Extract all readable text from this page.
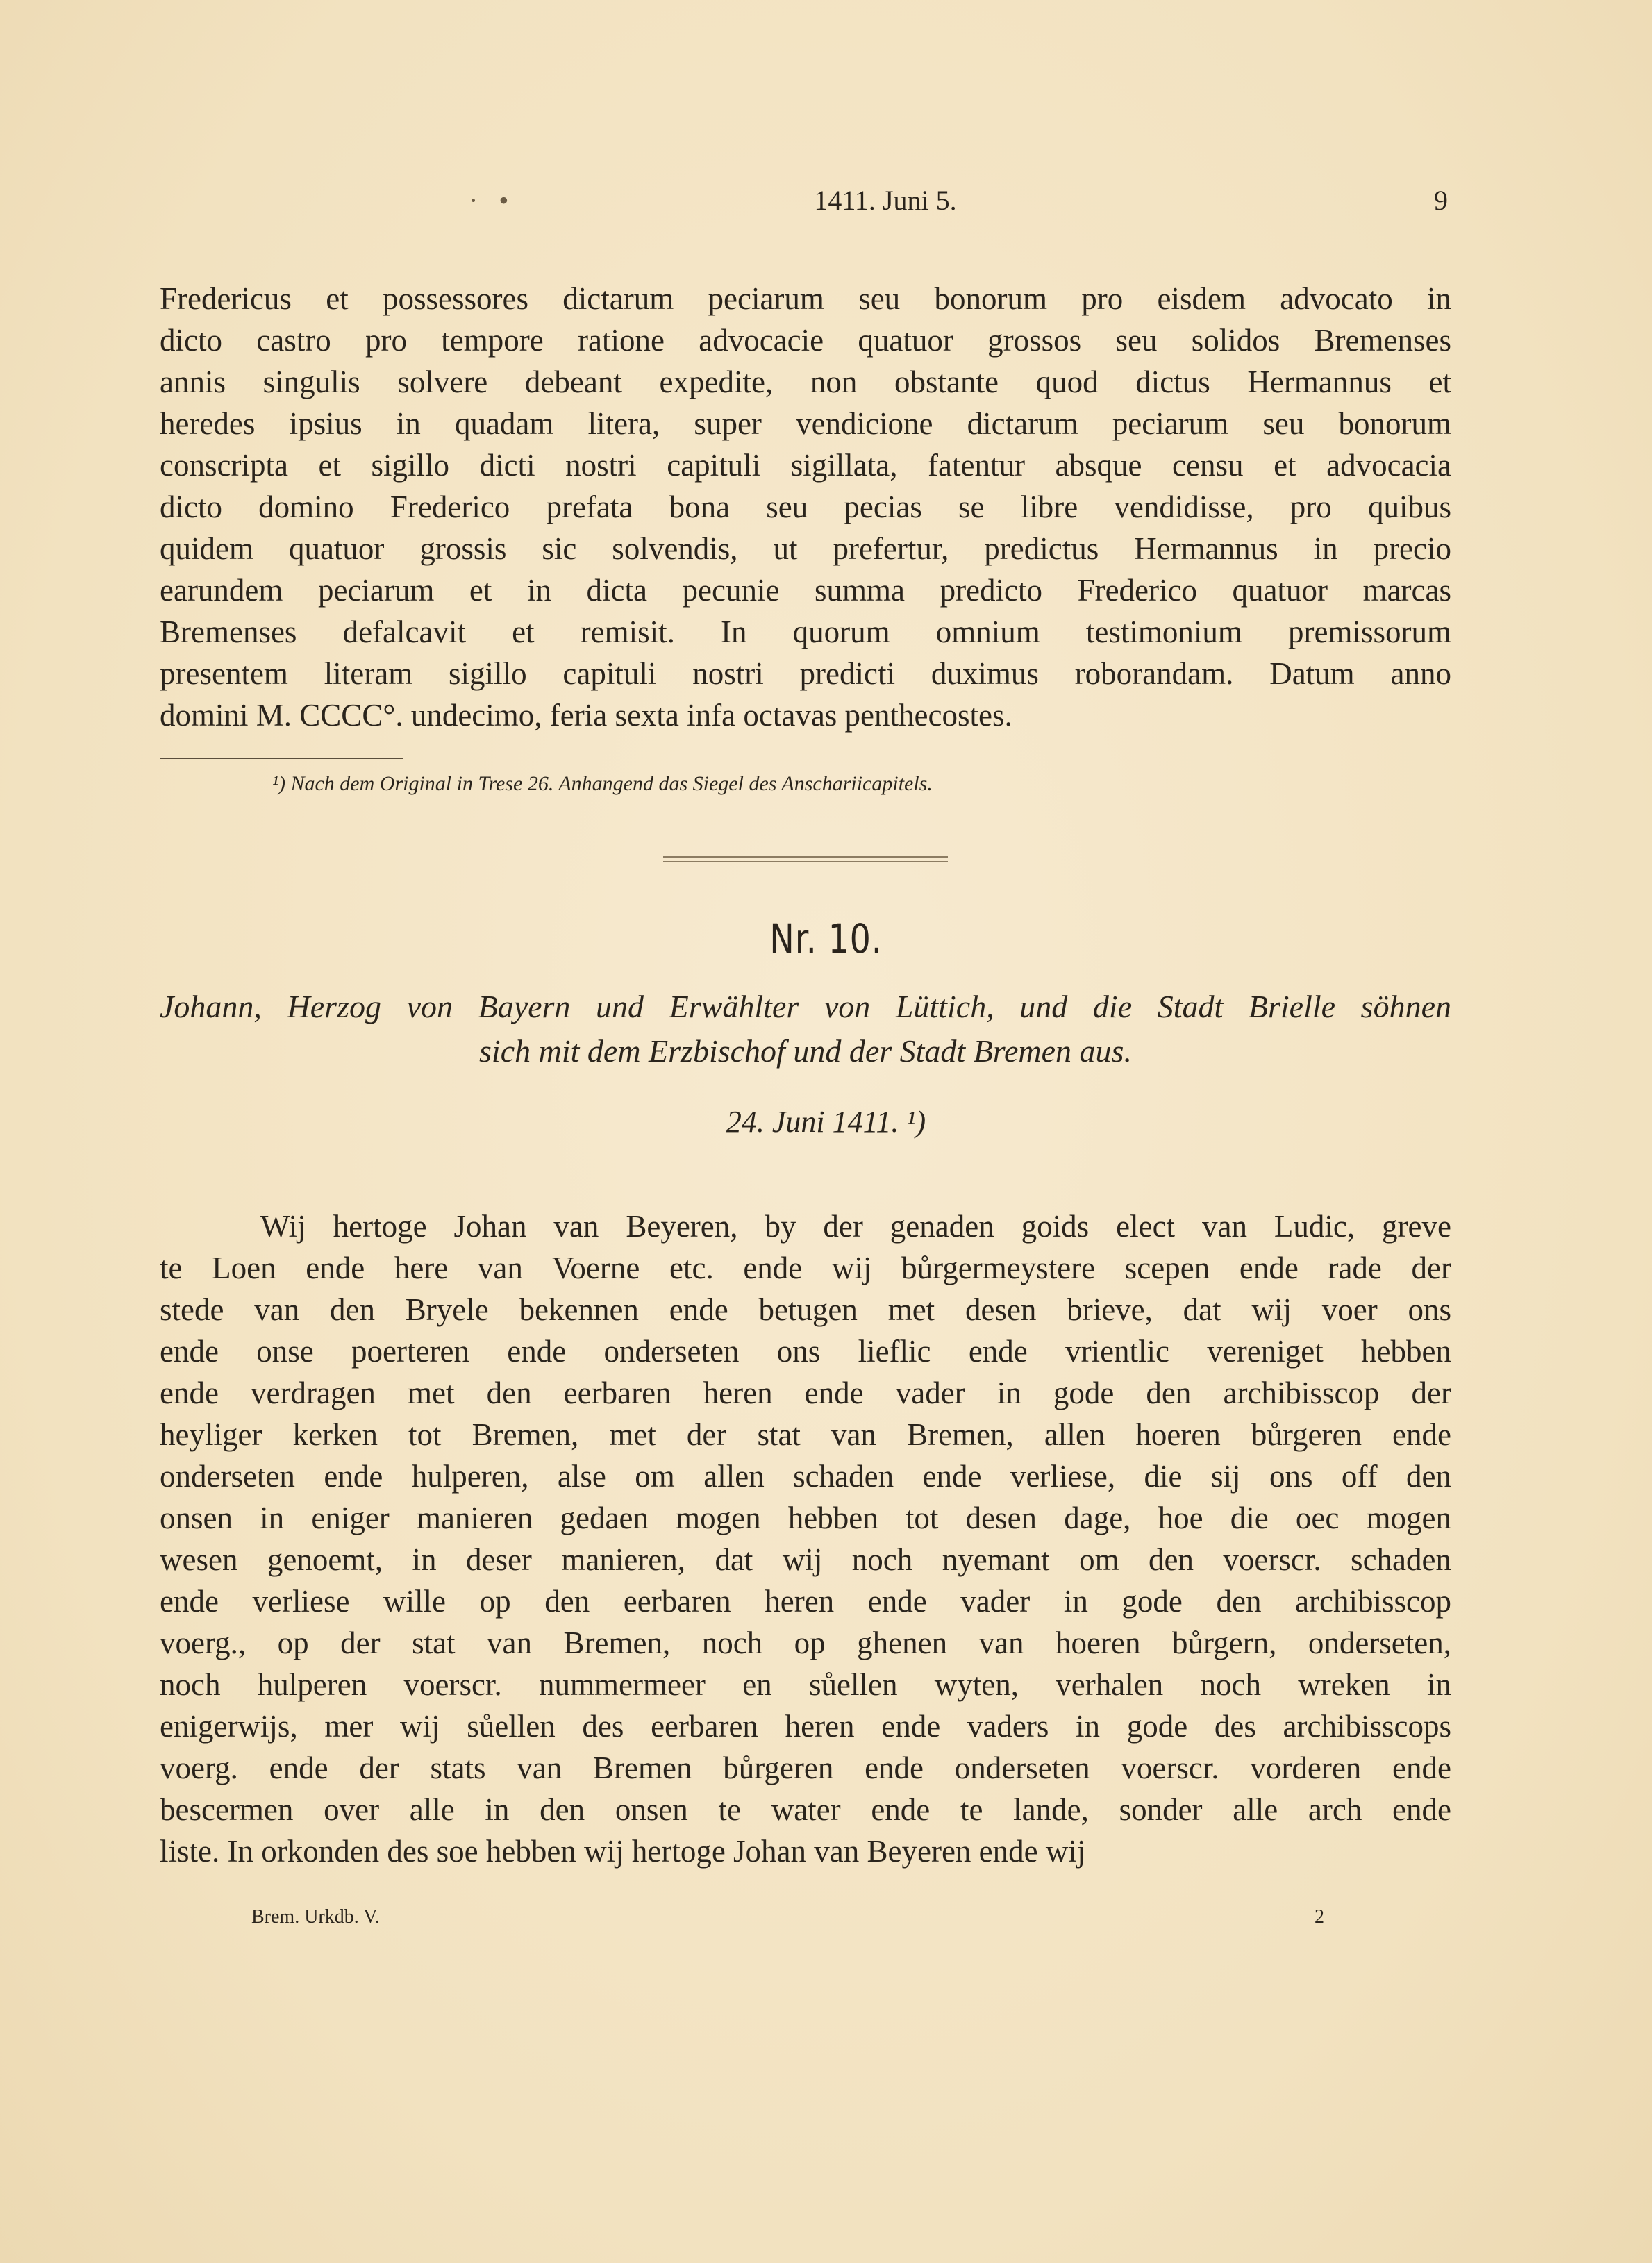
· •	1411. Juni 5.	9
Fredericus et possessores dictarum peciarum seu bonorum pro eisdem advocato in
dicto castro pro tempore ratione advocacie quatuor grossos seu solidos Bremenses
annis singulis solvere debeant expedite, non obstante quod dictus Hermannus et
heredes ipsius in quadam litera, super vendicione dictarum peciarum seu bonorum
conscripta et sigillo dicti nostri capituli sigillata, fatentur absque censu et advocacia
dicto domino Frederico prefata bona seu pecias se libre vendidisse, pro quibus
quidem quatuor grossis sic solvendis, ut prefertur, predictus Hermannus in precio
earundem peciarum et in dicta pecunie summa predicto Frederico quatuor marcas
Bremenses defalcavit et remisit. In quorum omnium testimonium premissorum
presentem literam sigillo capituli nostri predicti duximus roborandam. Datum anno
domini M. CCCC°. undecimo, feria sexta infa octavas penthecostes.
¹) Nach dem Original in Trese 26. Anhangend das Siegel des Anschariicapitels.
Nr. 10.
Johann, Herzog von Bayern und Erwählter von Lüttich, und die Stadt Brielle söhnen
sich mit dem Erzbischof und der Stadt Bremen aus.
24. Juni 1411. ¹)
Wij hertoge Johan van Beyeren, by der genaden goids elect van Ludic, greve
te Loen ende here van Voerne etc. ende wij bůrgermeystere scepen ende rade der
stede van den Bryele bekennen ende betugen met desen brieve, dat wij voer ons
ende onse poerteren ende onderseten ons lieflic ende vrientlic vereniget hebben
ende verdragen met den eerbaren heren ende vader in gode den archibisscop der
heyliger kerken tot Bremen, met der stat van Bremen, allen hoeren bůrgeren ende
onderseten ende hulperen, alse om allen schaden ende verliese, die sij ons off den
onsen in eniger manieren gedaen mogen hebben tot desen dage, hoe die oec mogen
wesen genoemt, in deser manieren, dat wij noch nyemant om den voerscr. schaden
ende verliese wille op den eerbaren heren ende vader in gode den archibisscop
voerg., op der stat van Bremen, noch op ghenen van hoeren bůrgern, onderseten,
noch hulperen voerscr. nummermeer en sůellen wyten, verhalen noch wreken in
enigerwijs, mer wij sůellen des eerbaren heren ende vaders in gode des archibisscops
voerg. ende der stats van Bremen bůrgeren ende onderseten voerscr. vorderen ende
bescermen over alle in den onsen te water ende te lande, sonder alle arch ende
liste. In orkonden des soe hebben wij hertoge Johan van Beyeren ende wij
Brem. Urkdb. V.	2
